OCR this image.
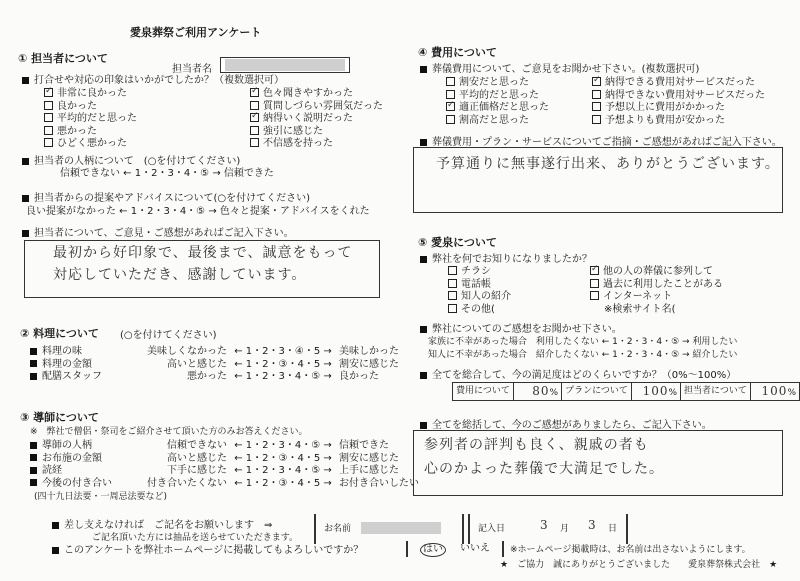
愛泉葬祭ご利用アンケート
① 担当者について
担当者名
打合せや対応の印象はいかがでしたか？（複数選択可）
✓非常に良かった
良かった
平均的だと思った
悪かった
ひどく悪かった
✓色々聞きやすかった
質問しづらい雰囲気だった
✓納得いく説明だった
強引に感じた
不信感を持った
担当者の人柄について　(○を付けてください)
信頼できない ← 1・2・3・4・⑤ → 信頼できた
担当者からの提案やアドバイスについて(○を付けてください)
良い提案がなかった ← 1・2・3・4・⑤ → 色々と提案・アドバイスをくれた
担当者について、ご意見・ご感想があればご記入下さい。
最初から好印象で、最後まで、誠意をもって
対応していただき、感謝しています。
② 料理について (○を付けてください)
料理の味	美味しくなかった ← 1・2・3・④・5 → 美味しかった
料理の金額	高いと感じた ← 1・2・③・4・5 → 割安に感じた
配膳スタッフ	悪かった ← 1・2・3・4・⑤ → 良かった
③ 導師について
※　弊社で僧侶・祭司をご紹介させて頂いた方のみお答えください。
導師の人柄	信頼できない ← 1・2・3・4・⑤ → 信頼できた
お布施の金額	高いと感じた ← 1・2・③・4・5 → 割安に感じた
読経	下手に感じた ← 1・2・3・4・⑤ → 上手に感じた
今後の付き合い	付き合いたくない ← 1・2・③・4・5 → お付き合いしたい
(四十九日法要・一周忌法要など)
④ 費用について
葬儀費用について、ご意見をお聞かせ下さい。(複数選択可)
割安だと思った
平均的だと思った
✓適正価格だと思った
割高だと思った
✓納得できる費用対サービスだった
納得できない費用対サービスだった
予想以上に費用がかかった
予想よりも費用が安かった
葬儀費用・プラン・サービスについてご指摘・ご感想があればご記入下さい。
予算通りに無事遂行出来、ありがとうございます。
⑤ 愛泉について
弊社を何でお知りになりましたか？
チラシ
電話帳
知人の紹介
その他(
✓他の人の葬儀に参列して
過去に利用したことがある
インターネット
※検索サイト名(
弊社についてのご感想をお聞かせ下さい。
家族に不幸があった場合　利用したくない ← 1・2・3・4・⑤ → 利用したい
知人に不幸があった場合　紹介したくない ← 1・2・3・4・⑤ → 紹介したい
全てを総合して、今の満足度はどのくらいですか？（0%〜100%）
費用について	80%	プランについて	100%	担当者について	100%
全てを総括して、今のご感想がありましたら、ご記入下さい。
参列者の評判も良く、親戚の者も
心のかよった葬儀で大満足でした。
差し支えなければ　ご記名をお願いします　⇒
ご記名頂いた方には抽品を送らせていただきます。
お名前	記入日	3 月 3 日
このアンケートを弊社ホームページに掲載してもよろしいですか？	はい	いいえ ※ホームページ掲載時は、お名前は出さないようにします。
★　ご協力　誠にありがとうございました　　愛泉葬祭株式会社　★
